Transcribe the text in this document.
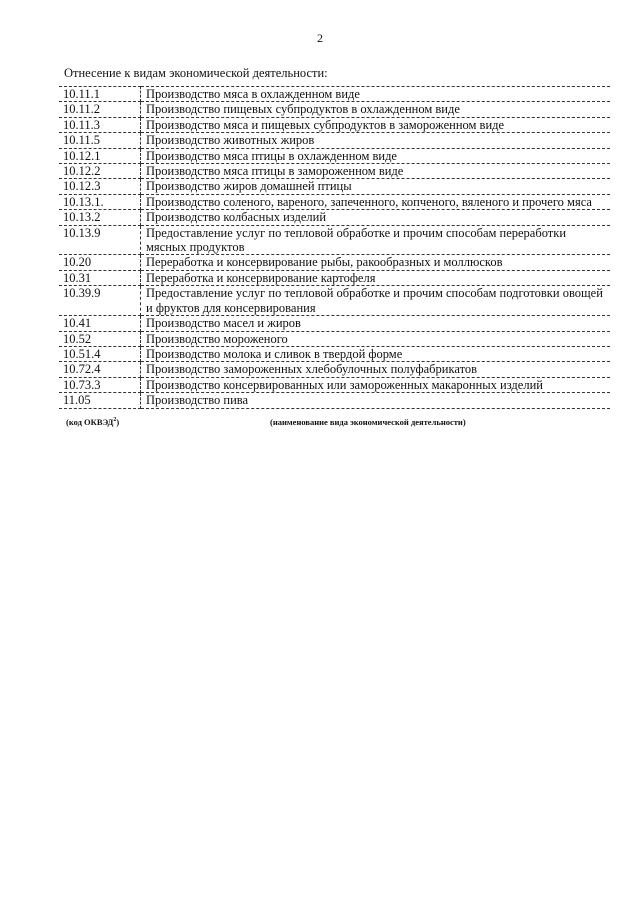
2
Отнесение к видам экономической деятельности:
10.11.1	Производство мяса в охлажденном виде
10.11.2	Производство пищевых субпродуктов в охлажденном виде
10.11.3	Производство мяса и пищевых субпродуктов в замороженном виде
10.11.5	Производство животных жиров
10.12.1	Производство мяса птицы в охлажденном виде
10.12.2	Производство мяса птицы в замороженном виде
10.12.3	Производство жиров домашней птицы
10.13.1.	Производство соленого, вареного, запеченного, копченого, вяленого и прочего мяса
10.13.2	Производство колбасных изделий
10.13.9	Предоставление услуг по тепловой обработке и прочим способам переработки мясных продуктов
10.20	Переработка и консервирование рыбы, ракообразных и моллюсков
10.31	Переработка и консервирование картофеля
10.39.9	Предоставление услуг по тепловой обработке и прочим способам подготовки овощей и фруктов для консервирования
10.41	Производство масел и жиров
10.52	Производство мороженого
10.51.4	Производство молока и сливок в твердой форме
10.72.4	Производство замороженных хлебобулочных полуфабрикатов
10.73.3	Производство консервированных или замороженных макаронных изделий
11.05	Производство пива
(код ОКВЭД$^2$)	(наименование вида экономической деятельности)
